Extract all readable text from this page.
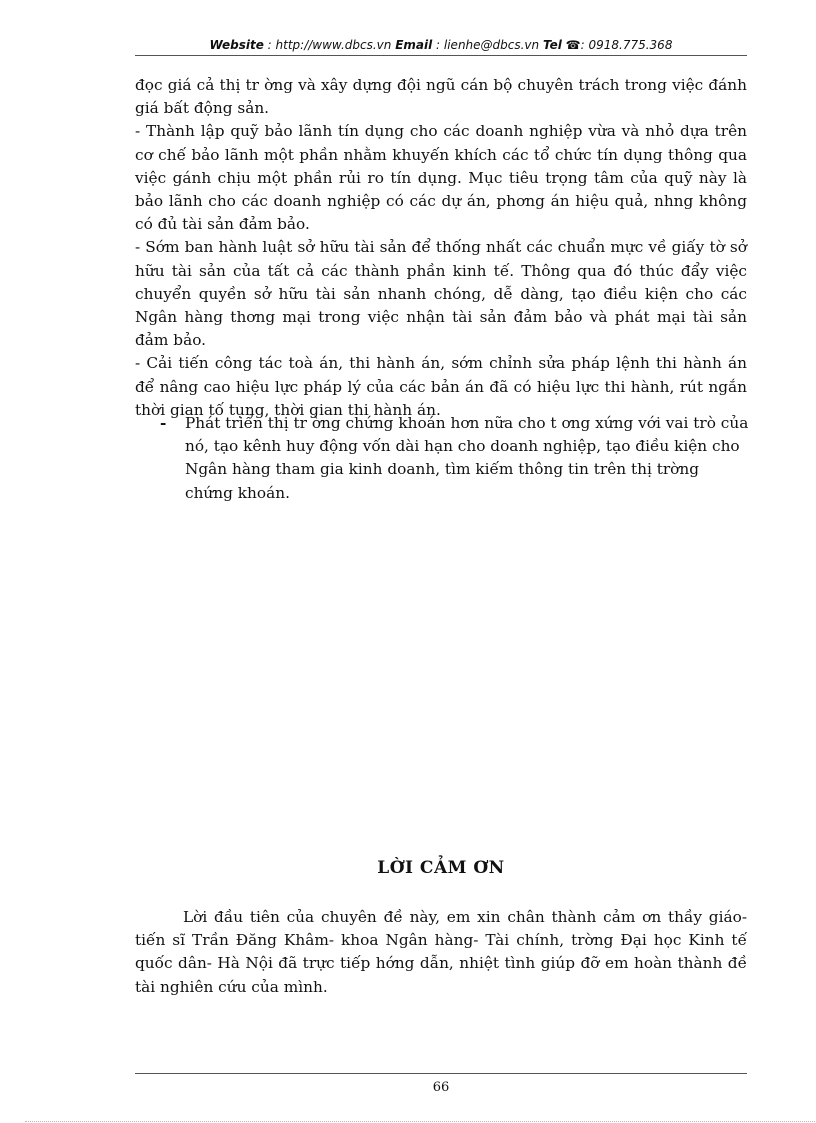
Website : http://www.dbcs.vn Email : lienhe@dbcs.vn Tel ☎: 0918.775.368

đọc giá cả thị tr ờng và xây dựng đội ngũ cán bộ chuyên trách trong việc đánh giá bất động sản.

- Thành lập quỹ bảo lãnh tín dụng cho các doanh nghiệp vừa và nhỏ dựa trên cơ chế bảo lãnh một phần nhằm khuyến khích các tổ chức tín dụng thông qua việc gánh chịu một phần rủi ro tín dụng. Mục tiêu trọng tâm của quỹ này là bảo lãnh cho các doanh nghiệp có các dự án, phơng án hiệu quả, nhng không có đủ tài sản đảm bảo.

- Sớm ban hành luật sở hữu tài sản để thống nhất các chuẩn mực về giấy tờ sở hữu tài sản của tất cả các thành phần kinh tế. Thông qua đó thúc đẩy việc chuyển quyền sở hữu tài sản nhanh chóng, dễ dàng, tạo điều kiện cho các Ngân hàng thơng mại trong việc nhận tài sản đảm bảo và phát mại tài sản đảm bảo.

- Cải tiến công tác toà án, thi hành án, sớm chỉnh sửa pháp lệnh thi hành án để nâng cao hiệu lực pháp lý của các bản án đã có hiệu lực thi hành, rút ngắn thời gian tố tụng, thời gian thi hành án.

- Phát triển thị tr ờng chứng khoán hơn nữa cho t ơng xứng với vai trò của nó, tạo kênh huy động vốn dài hạn cho doanh nghiệp, tạo điều kiện cho Ngân hàng tham gia kinh doanh, tìm kiếm thông tin trên thị trờng chứng khoán.
LỜI CẢM ƠN
Lời đầu tiên của chuyên đề này, em xin chân thành cảm ơn thầy giáo- tiến sĩ Trần Đăng Khâm- khoa Ngân hàng- Tài chính, trờng Đại học Kinh tế quốc dân- Hà Nội đã trực tiếp hớng dẫn, nhiệt tình giúp đỡ em hoàn thành đề tài nghiên cứu của mình.
66
